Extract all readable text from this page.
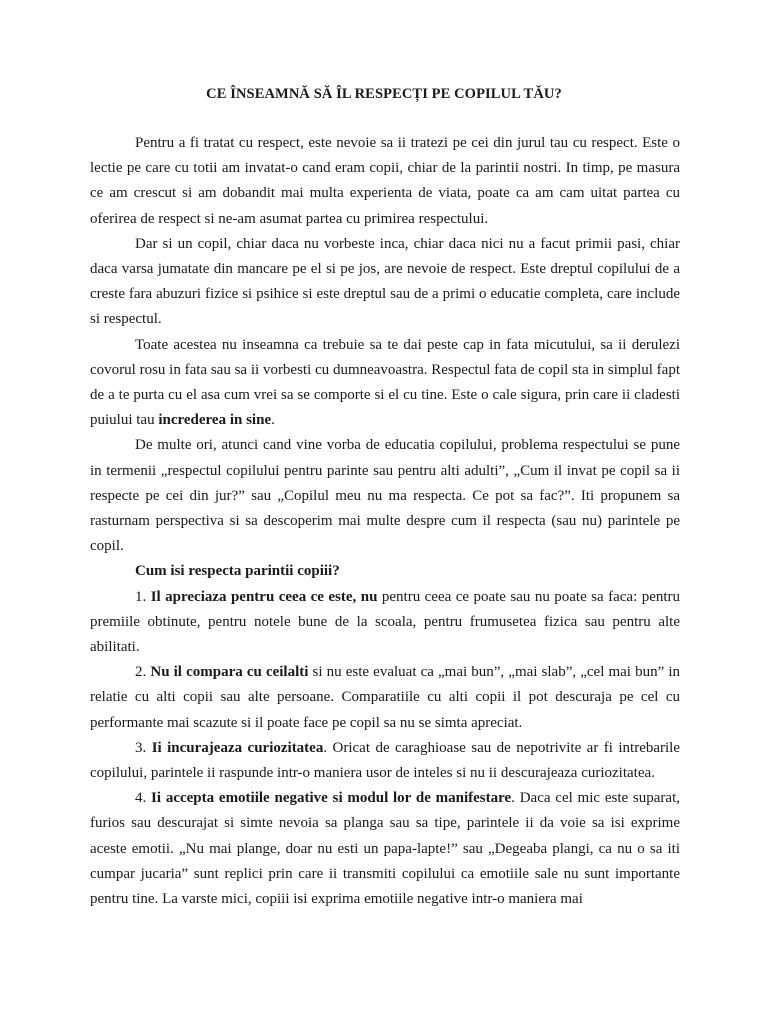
CE ÎNSEAMNĂ SĂ ÎL RESPECȚI PE COPILUL TĂU?

Pentru a fi tratat cu respect, este nevoie sa ii tratezi pe cei din jurul tau cu respect. Este o lectie pe care cu totii am invatat-o cand eram copii, chiar de la parintii nostri. In timp, pe masura ce am crescut si am dobandit mai multa experienta de viata, poate ca am cam uitat partea cu oferirea de respect si ne-am asumat partea cu primirea respectului.

Dar si un copil, chiar daca nu vorbeste inca, chiar daca nici nu a facut primii pasi, chiar daca varsa jumatate din mancare pe el si pe jos, are nevoie de respect. Este dreptul copilului de a creste fara abuzuri fizice si psihice si este dreptul sau de a primi o educatie completa, care include si respectul.

Toate acestea nu inseamna ca trebuie sa te dai peste cap in fata micutului, sa ii derulezi covorul rosu in fata sau sa ii vorbesti cu dumneavoastra. Respectul fata de copil sta in simplul fapt de a te purta cu el asa cum vrei sa se comporte si el cu tine. Este o cale sigura, prin care ii cladesti puiului tau increderea in sine.

De multe ori, atunci cand vine vorba de educatia copilului, problema respectului se pune in termenii „respectul copilului pentru parinte sau pentru alti adulti”, „Cum il invat pe copil sa ii respecte pe cei din jur?” sau „Copilul meu nu ma respecta. Ce pot sa fac?”. Iti propunem sa rasturnam perspectiva si sa descoperim mai multe despre cum il respecta (sau nu) parintele pe copil.

Cum isi respecta parintii copiii?

1. Il apreciaza pentru ceea ce este, nu pentru ceea ce poate sau nu poate sa faca: pentru premiile obtinute, pentru notele bune de la scoala, pentru frumusetea fizica sau pentru alte abilitati.

2. Nu il compara cu ceilalti si nu este evaluat ca „mai bun”, „mai slab”, „cel mai bun” in relatie cu alti copii sau alte persoane. Comparatiile cu alti copii il pot descuraja pe cel cu performante mai scazute si il poate face pe copil sa nu se simta apreciat.

3. Ii incurajeaza curiozitatea. Oricat de caraghioase sau de nepotrivite ar fi intrebarile copilului, parintele ii raspunde intr-o maniera usor de inteles si nu ii descurajeaza curiozitatea.

4. Ii accepta emotiile negative si modul lor de manifestare. Daca cel mic este suparat, furios sau descurajat si simte nevoia sa planga sau sa tipe, parintele ii da voie sa isi exprime aceste emotii. „Nu mai plange, doar nu esti un papa-lapte!” sau „Degeaba plangi, ca nu o sa iti cumpar jucaria” sunt replici prin care ii transmiti copilului ca emotiile sale nu sunt importante pentru tine. La varste mici, copiii isi exprima emotiile negative intr-o maniera mai
